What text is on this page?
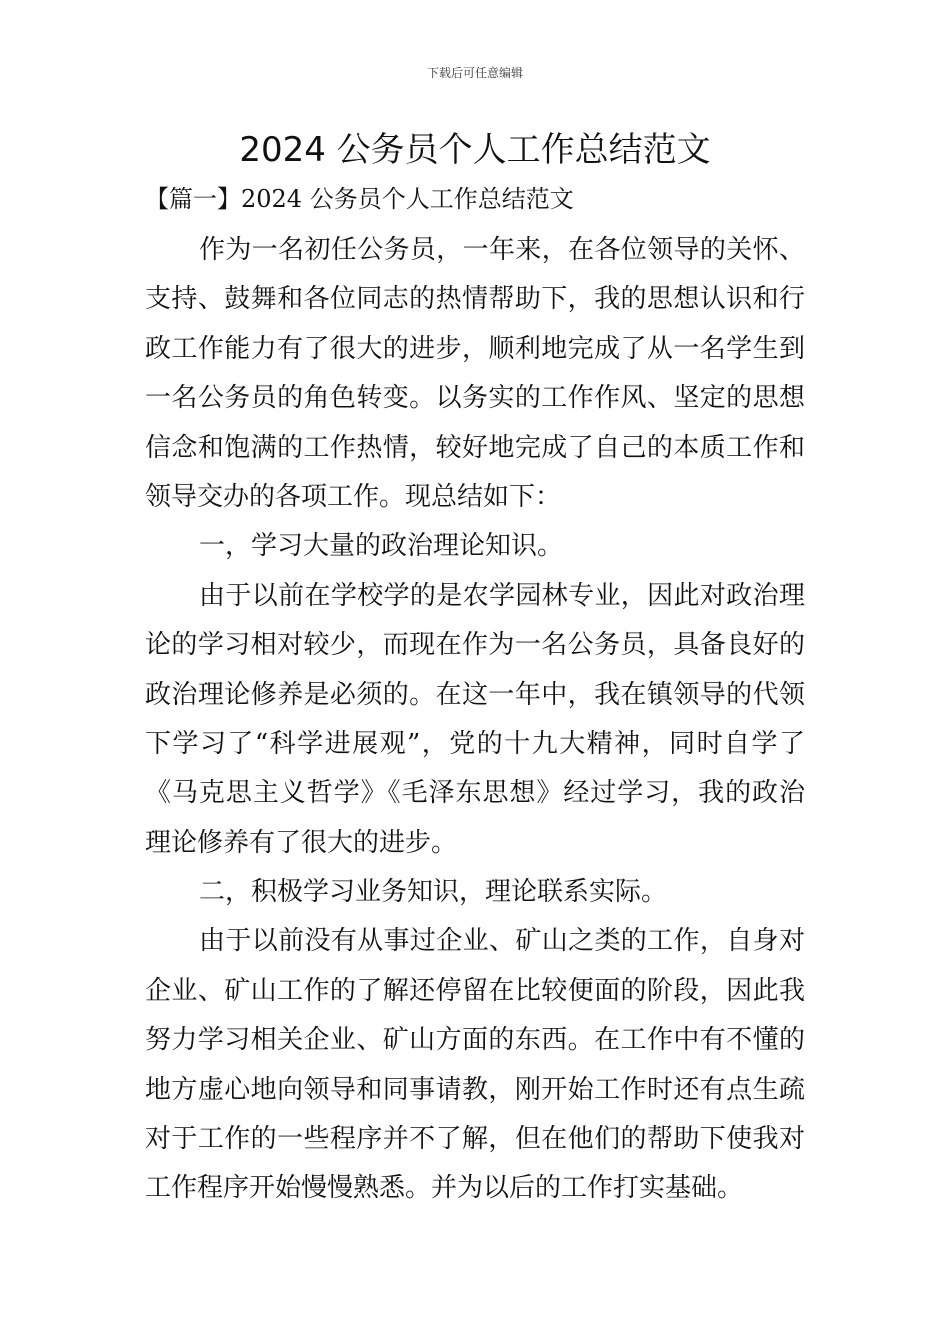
下载后可任意编辑
2024 公务员个人工作总结范文

【篇一】2024 公务员个人工作总结范文

作为一名初任公务员，一年来，在各位领导的关怀、
支持、鼓舞和各位同志的热情帮助下，我的思想认识和行
政工作能力有了很大的进步，顺利地完成了从一名学生到
一名公务员的角色转变。以务实的工作作风、坚定的思想
信念和饱满的工作热情，较好地完成了自己的本质工作和
领导交办的各项工作。现总结如下：
一，学习大量的政治理论知识。
由于以前在学校学的是农学园林专业，因此对政治理
论的学习相对较少，而现在作为一名公务员，具备良好的
政治理论修养是必须的。在这一年中，我在镇领导的代领
下学习了“科学进展观”，党的十九大精神，同时自学了
《马克思主义哲学》《毛泽东思想》经过学习，我的政治
理论修养有了很大的进步。
二，积极学习业务知识，理论联系实际。
由于以前没有从事过企业、矿山之类的工作，自身对
企业、矿山工作的了解还停留在比较便面的阶段，因此我
努力学习相关企业、矿山方面的东西。在工作中有不懂的
地方虚心地向领导和同事请教，刚开始工作时还有点生疏
对于工作的一些程序并不了解，但在他们的帮助下使我对
工作程序开始慢慢熟悉。并为以后的工作打实基础。
